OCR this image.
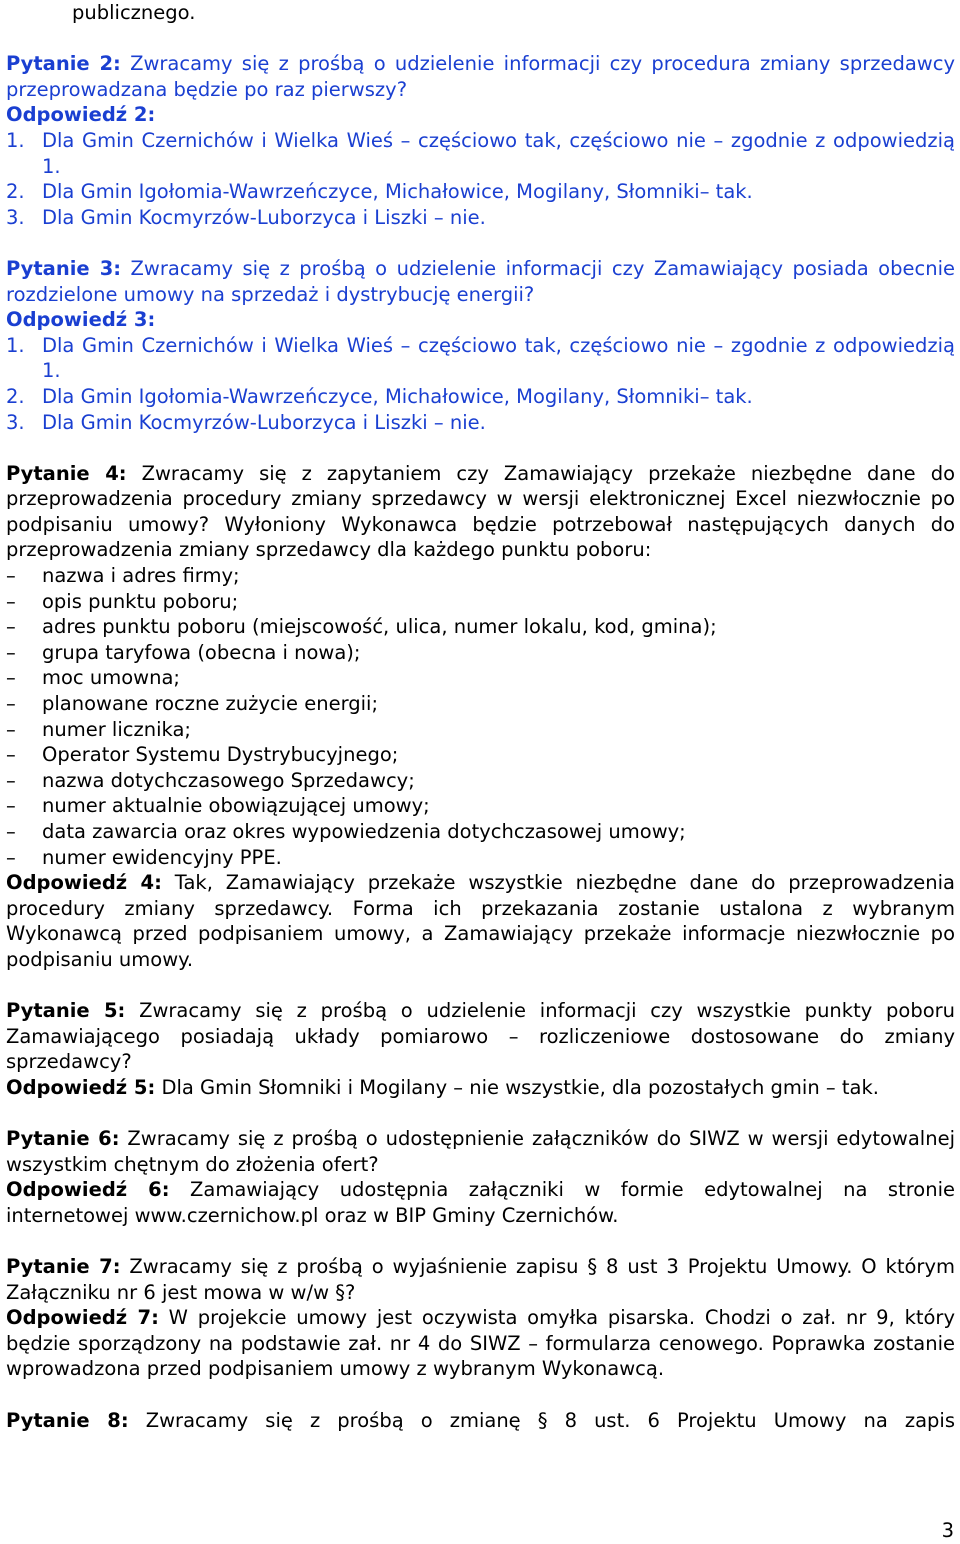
publicznego.

Pytanie 2: Zwracamy się z prośbą o udzielenie informacji czy procedura zmiany sprzedawcy przeprowadzana będzie po raz pierwszy?

Odpowiedź 2:

1. Dla Gmin Czernichów i Wielka Wieś – częściowo tak, częściowo nie – zgodnie z odpowiedzią 1.
2. Dla Gmin Igołomia-Wawrzeńczyce, Michałowice, Mogilany, Słomniki– tak.
3. Dla Gmin Kocmyrzów-Luborzyca i Liszki – nie.

Pytanie 3: Zwracamy się z prośbą o udzielenie informacji czy Zamawiający posiada obecnie rozdzielone umowy na sprzedaż i dystrybucję energii?

Odpowiedź 3:

1. Dla Gmin Czernichów i Wielka Wieś – częściowo tak, częściowo nie – zgodnie z odpowiedzią 1.
2. Dla Gmin Igołomia-Wawrzeńczyce, Michałowice, Mogilany, Słomniki– tak.
3. Dla Gmin Kocmyrzów-Luborzyca i Liszki – nie.

Pytanie 4: Zwracamy się z zapytaniem czy Zamawiający przekaże niezbędne dane do przeprowadzenia procedury zmiany sprzedawcy w wersji elektronicznej Excel niezwłocznie po podpisaniu umowy? Wyłoniony Wykonawca będzie potrzebował następujących danych do przeprowadzenia zmiany sprzedawcy dla każdego punktu poboru:

–	nazwa i adres firmy;
–	opis punktu poboru;
–	adres punktu poboru (miejscowość, ulica, numer lokalu, kod, gmina);
–	grupa taryfowa (obecna i nowa);
–	moc umowna;
–	planowane roczne zużycie energii;
–	numer licznika;
–	Operator Systemu Dystrybucyjnego;
–	nazwa dotychczasowego Sprzedawcy;
–	numer aktualnie obowiązującej umowy;
–	data zawarcia oraz okres wypowiedzenia dotychczasowej umowy;
–	numer ewidencyjny PPE.

Odpowiedź 4: Tak, Zamawiający przekaże wszystkie niezbędne dane do przeprowadzenia procedury zmiany sprzedawcy. Forma ich przekazania zostanie ustalona z wybranym Wykonawcą przed podpisaniem umowy, a Zamawiający przekaże informacje niezwłocznie po podpisaniu umowy.

Pytanie 5: Zwracamy się z prośbą o udzielenie informacji czy wszystkie punkty poboru Zamawiającego posiadają układy pomiarowo – rozliczeniowe dostosowane do zmiany sprzedawcy?

Odpowiedź 5: Dla Gmin Słomniki i Mogilany – nie wszystkie, dla pozostałych gmin – tak.

Pytanie 6: Zwracamy się z prośbą o udostępnienie załączników do SIWZ w wersji edytowalnej wszystkim chętnym do złożenia ofert?

Odpowiedź 6: Zamawiający udostępnia załączniki w formie edytowalnej na stronie internetowej www.czernichow.pl oraz w BIP Gminy Czernichów.

Pytanie 7: Zwracamy się z prośbą o wyjaśnienie zapisu § 8 ust 3 Projektu Umowy. O którym Załączniku nr 6 jest mowa w w/w §?

Odpowiedź 7: W projekcie umowy jest oczywista omyłka pisarska. Chodzi o zał. nr 9, który będzie sporządzony na podstawie zał. nr 4 do SIWZ – formularza cenowego. Poprawka zostanie wprowadzona przed podpisaniem umowy z wybranym Wykonawcą.

Pytanie 8: Zwracamy się z prośbą o zmianę § 8 ust. 6 Projektu Umowy na zapis

3
